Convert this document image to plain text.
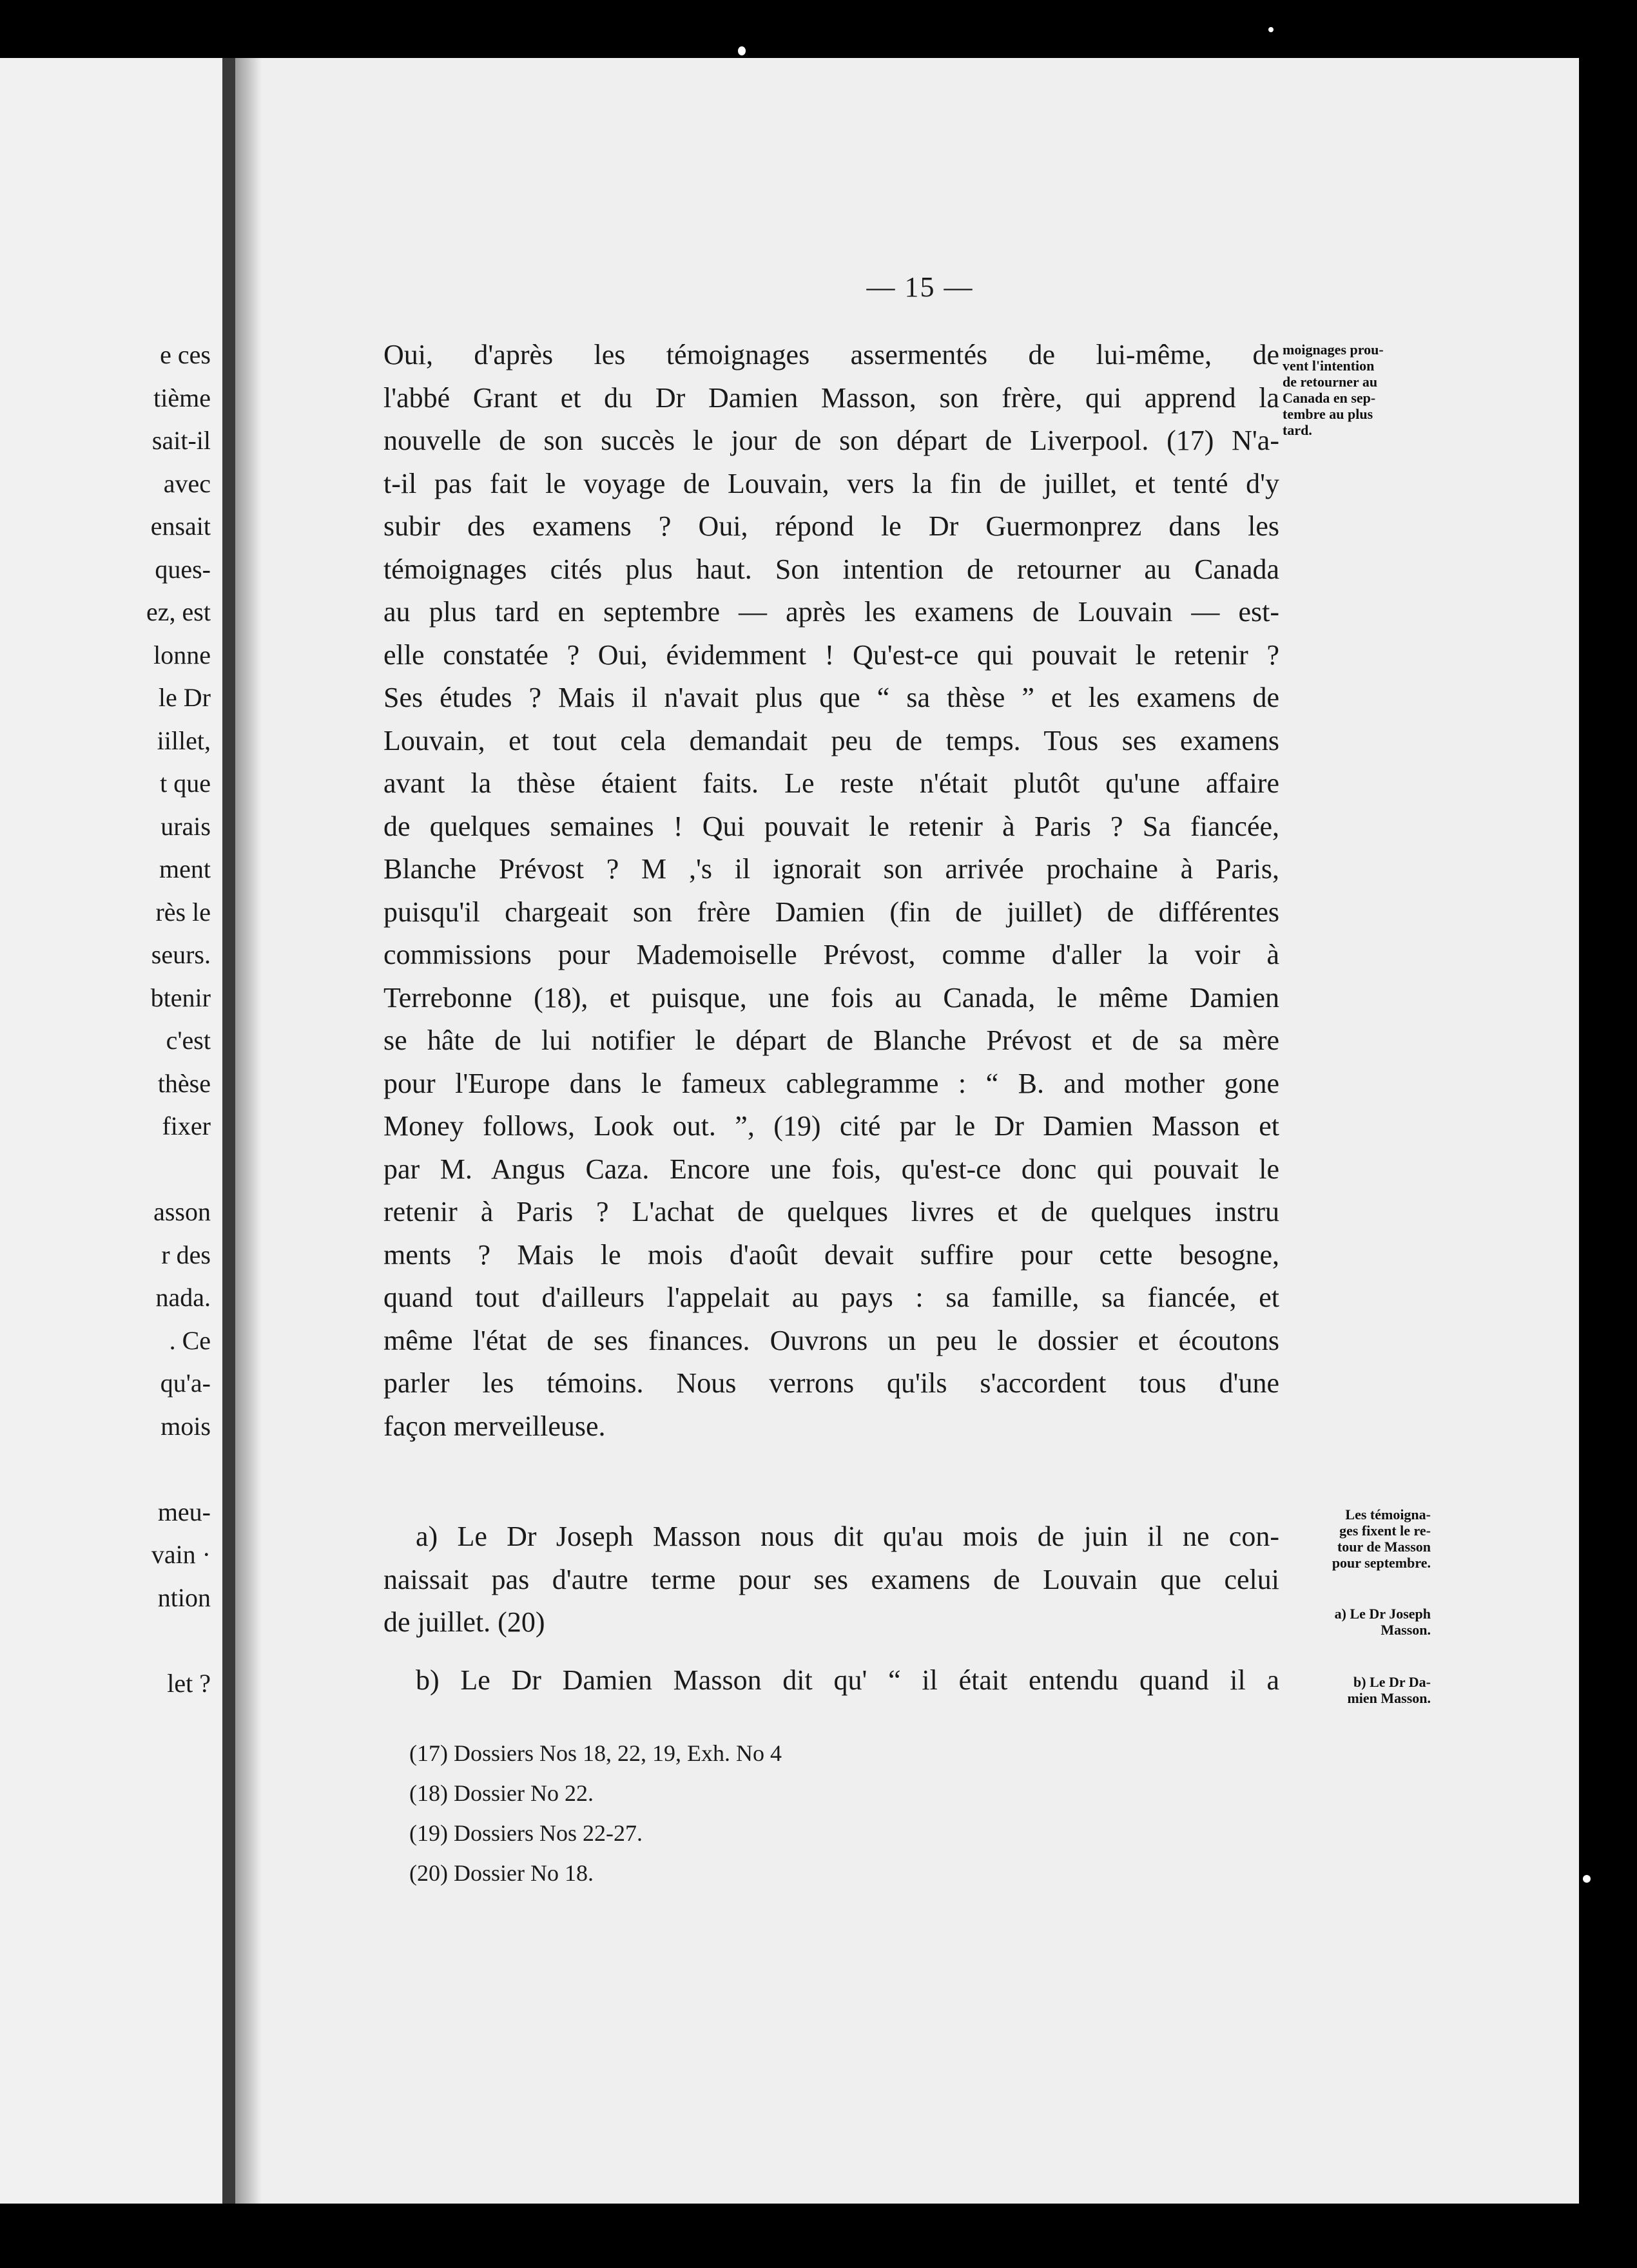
e ces
tième
sait-il
avec
ensait
ques-
ez, est
lonne
le Dr
iillet,
t que
urais
ment
rès le
seurs.
btenir
c'est
thèse
fixer
asson
r des
nada.
. Ce
qu'a-
mois
meu-
vain ·
ntion
let ?
— 15 —
Oui, d'après les témoignages assermentés de lui-même, de
l'abbé Grant et du Dr Damien Masson, son frère, qui apprend la
nouvelle de son succès le jour de son départ de Liverpool. (17) N'a-
t-il pas fait le voyage de Louvain, vers la fin de juillet, et tenté d'y
subir des examens ? Oui, répond le Dr Guermonprez dans les
témoignages cités plus haut. Son intention de retourner au Canada
au plus tard en septembre — après les examens de Louvain — est-
elle constatée ? Oui, évidemment ! Qu'est-ce qui pouvait le retenir ?
Ses études ? Mais il n'avait plus que “ sa thèse ” et les examens de
Louvain, et tout cela demandait peu de temps. Tous ses examens
avant la thèse étaient faits. Le reste n'était plutôt qu'une affaire
de quelques semaines ! Qui pouvait le retenir à Paris ? Sa fiancée,
Blanche Prévost ? M ,'s il ignorait son arrivée prochaine à Paris,
puisqu'il chargeait son frère Damien (fin de juillet) de différentes
commissions pour Mademoiselle Prévost, comme d'aller la voir à
Terrebonne (18), et puisque, une fois au Canada, le même Damien
se hâte de lui notifier le départ de Blanche Prévost et de sa mère
pour l'Europe dans le fameux cablegramme : “ B. and mother gone
Money follows, Look out. ”, (19) cité par le Dr Damien Masson et
par M. Angus Caza. Encore une fois, qu'est-ce donc qui pouvait le
retenir à Paris ? L'achat de quelques livres et de quelques instru
ments ? Mais le mois d'août devait suffire pour cette besogne,
quand tout d'ailleurs l'appelait au pays : sa famille, sa fiancée, et
même l'état de ses finances. Ouvrons un peu le dossier et écoutons
parler les témoins. Nous verrons qu'ils s'accordent tous d'une
façon merveilleuse.
a) Le Dr Joseph Masson nous dit qu'au mois de juin il ne con-
naissait pas d'autre terme pour ses examens de Louvain que celui
de juillet. (20)
b) Le Dr Damien Masson dit qu' “ il était entendu quand il a
(17) Dossiers Nos 18, 22, 19, Exh. No 4
(18) Dossier No 22.
(19) Dossiers Nos 22-27.
(20) Dossier No 18.
moignages prou-
vent l'intention
de retourner au
Canada en sep-
tembre au plus
tard.
Les témoigna-
ges fixent le re-
tour de Masson
pour septembre.
a) Le Dr Joseph
Masson.
b) Le Dr Da-
mien Masson.
